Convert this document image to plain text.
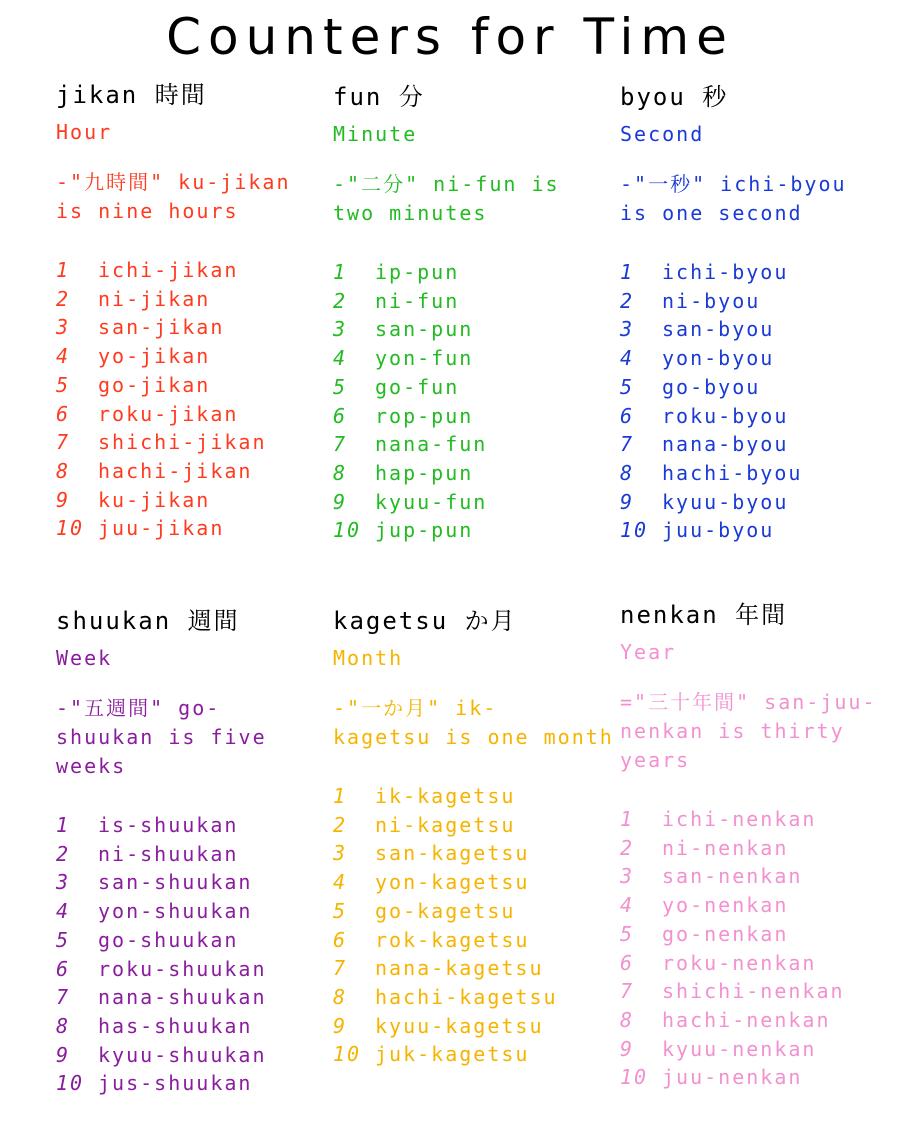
Counters for Time
jikan 時間
Hour
-"九時間" ku-jikan
is nine hours
1	ichi-jikan
2	ni-jikan
3	san-jikan
4	yo-jikan
5	go-jikan
6	roku-jikan
7	shichi-jikan
8	hachi-jikan
9	ku-jikan
10 juu-jikan
fun 分
Minute
-"二分" ni-fun is
two minutes
1	ip-pun
2	ni-fun
3	san-pun
4	yon-fun
5	go-fun
6	rop-pun
7	nana-fun
8	hap-pun
9	kyuu-fun
10 jup-pun
byou 秒
Second
-"一秒" ichi-byou
is one second
1	ichi-byou
2	ni-byou
3	san-byou
4	yon-byou
5	go-byou
6	roku-byou
7	nana-byou
8	hachi-byou
9	kyuu-byou
10 juu-byou
shuukan 週間
Week
-"五週間" go-
shuukan is five
weeks
1	is-shuukan
2	ni-shuukan
3	san-shuukan
4	yon-shuukan
5	go-shuukan
6	roku-shuukan
7	nana-shuukan
8	has-shuukan
9	kyuu-shuukan
10 jus-shuukan
kagetsu か月
Month
-"一か月" ik-
kagetsu is one month
1	ik-kagetsu
2	ni-kagetsu
3	san-kagetsu
4	yon-kagetsu
5	go-kagetsu
6	rok-kagetsu
7	nana-kagetsu
8	hachi-kagetsu
9	kyuu-kagetsu
10 juk-kagetsu
nenkan 年間
Year
="三十年間" san-juu-
nenkan is thirty
years
1	ichi-nenkan
2	ni-nenkan
3	san-nenkan
4	yo-nenkan
5	go-nenkan
6	roku-nenkan
7	shichi-nenkan
8	hachi-nenkan
9	kyuu-nenkan
10 juu-nenkan
